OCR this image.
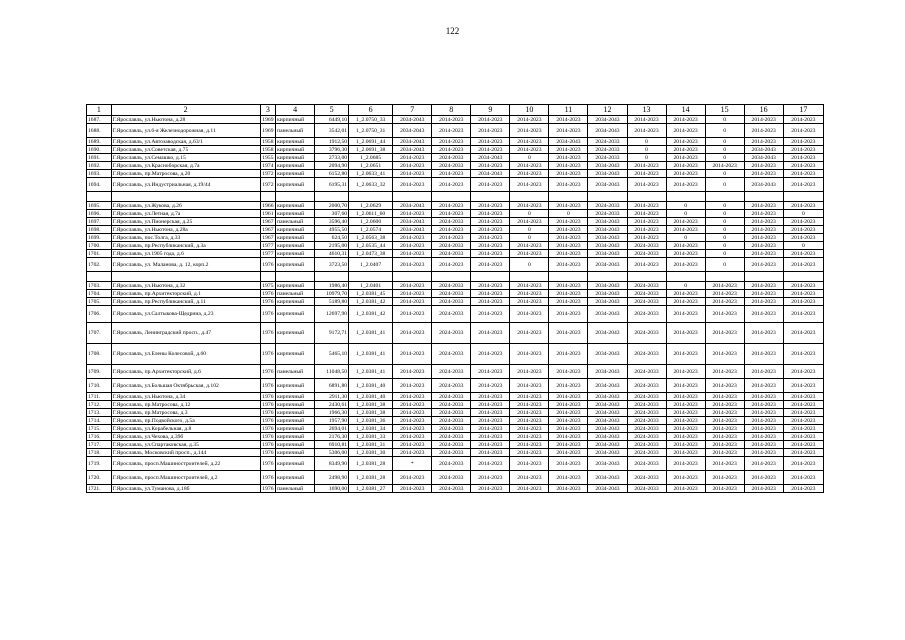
122
1	2	3	4	5	6	7	8	9	10	11	12	13	14	15	16	17
1687.	Г.Ярославль, ул.Ньютона, д.28	1969	кирпичный	6449,10	1_2.0750_33	2034-2043	2014-2023	2014-2023	2014-2023	2014-2023	2034-2043	2014-2023	2014-2023	0	2014-2023	2014-2023
1688.	Г.Ярославль, ул.6-я Железнодорожная, д.11	1969	панельный	3542,01	1_2.0750_31	2034-2043	2014-2023	2014-2023	2014-2023	2014-2023	2034-2043	2014-2023	2014-2023	0	2014-2023	2014-2023
1689.	Г.Ярославль, ул.Автозаводская, д.63/1	1958	кирпичный	1912,50	1_2.0691_44	2034-2043	2014-2023	2014-2023	2014-2023	2034-2043	2024-2033	0	2014-2023	0	2014-2023	2014-2023
1690.	Г.Ярославль, ул.Советская, д.75	1958	кирпичный	3796,30	1_2.0691_38	2034-2043	2014-2023	2014-2023	2014-2023	2014-2023	2024-2033	0	2014-2023	0	2034-2043	2014-2023
1691.	Г.Ярославль, ул.Семашко, д.15	1955	кирпичный	2733,00	1_2.0685	2014-2023	2024-2033	2034-2043	0	2014-2023	2024-2033	0	2014-2023	0	2034-2043	2014-2023
1692.	Г.Ярославль, ул.Красноборская, д.7а	1974	кирпичный	2094,90	1_2.0651	2014-2023	2024-2033	2014-2023	2014-2023	2014-2023	2034-2043	2014-2023	2014-2023	2014-2023	2014-2023	2014-2023
1693.	Г.Ярославль, пр.Матросова, д.20	1972	кирпичный	6152,80	1_2.0633_41	2014-2023	2014-2023	2034-2043	2014-2023	2014-2023	2034-2043	2014-2023	2014-2023	0	2014-2023	2014-2023
1694.	Г.Ярославль, ул.Индустриальная, д.19/44	1972	кирпичный	6195,31	1_2.0633_32	2014-2023	2014-2023	2014-2023	2014-2023	2014-2023	2034-2043	2014-2023	2014-2023	0	2034-2043	2014-2023

1695.	Г.Ярославль, ул.Жукова, д.26	1966	кирпичный	2000,70	1_2.0629	2034-2043	2014-2023	2014-2023	2014-2023	2014-2023	2024-2033	2014-2023	0	0	2014-2023	2014-2023
1696.	Г.Ярославль, ул.Летная, д.7а	1961	кирпичный	307,60	1_2.0611_60	2014-2023	2014-2023	2014-2023	0	0	2024-2033	2014-2023	0	0	2014-2023	0
1697.	Г.Ярославль, ул.Пионерская, д.25	1967	панельный	3596,40	1_2.0600	2034-2043	2024-2033	2014-2023	2014-2023	2014-2023	2034-2043	2014-2023	2014-2023	0	2014-2023	2014-2023
1698.	Г.Ярославль, ул.Ньютона, д.28а	1967	кирпичный	4955,50	1_2.0574	2034-2043	2014-2023	2014-2023	0	2014-2023	2034-2043	2014-2023	2014-2023	0	2014-2023	2014-2023
1699.	Г.Ярославль, пос.Толга, д.33	1967	кирпичный	624,50	1_2.0563_38	2014-2023	2014-2023	2014-2023	0	2014-2023	2034-2043	2014-2023	0	0	2014-2023	2014-2023
1700.	Г.Ярославль, пр.Республиканский, д.3а	1977	кирпичный	2195,00	1_2.0535_44	2014-2023	2024-2033	2014-2023	2014-2023	2014-2023	2034-2043	2024-2033	2014-2023	0	2014-2023	0
1701.	Г.Ярославль, ул.1905 года, д.6	1977	кирпичный	4610,31	1_2.0473_38	2014-2023	2024-2033	2014-2023	2014-2023	2014-2023	2034-2043	2024-2033	2014-2023	0	2014-2023	2014-2023
1702.	Г.Ярославль, ул. Маланова, д. 12, корп.2	1976	кирпичный	3723,50	1_2.0407	2014-2023	2014-2023	2014-2023	0	2014-2023	2034-2043	2014-2023	2014-2023	0	2014-2023	2014-2023

1703.	Г.Ярославль, ул.Ньютона, д.32	1975	кирпичный	1986,40	1_2.0401	2014-2023	2024-2033	2014-2023	2014-2023	2014-2023	2034-2043	2024-2033	0	2014-2023	2014-2023	2014-2023
1704.	Г.Ярославль, пр.Архитекторский, д.1	1976	панельный	10979,70	1_2.0381_45	2014-2023	2024-2033	2014-2023	2014-2023	2014-2023	2034-2043	2024-2033	2014-2023	2014-2023	2014-2023	2014-2023
1705.	Г.Ярославль, пр.Республиканский, д.11	1976	кирпичный	5189,80	1_2.0381_42	2014-2023	2024-2033	2014-2023	2014-2023	2014-2023	2034-2043	2024-2033	2014-2023	2014-2023	2014-2023	2014-2023
1706.	Г.Ярославль, ул.Салтыкова-Щедрина, д.23	1976	кирпичный	12697,90	1_2.0381_42	2014-2023	2024-2033	2014-2023	2014-2023	2014-2023	2034-2043	2024-2033	2014-2023	2014-2023	2014-2023	2014-2023
1707.	Г.Ярославль, Ленинградский просп., д.47	1976	кирпичный	9172,71	1_2.0381_41	2014-2023	2024-2033	2014-2023	2014-2023	2014-2023	2034-2043	2024-2033	2014-2023	2014-2023	2014-2023	2014-2023
1708.	Г.Ярославль, ул.Елены Колесовой, д.60	1976	кирпичный	5465,10	1_2.0381_41	2014-2023	2024-2033	2014-2023	2014-2023	2014-2023	2034-2043	2024-2033	2014-2023	2014-2023	2014-2023	2014-2023
1709.	Г.Ярославль, пр.Архитекторский, д.6	1976	панельный	11048,50	1_2.0381_41	2014-2023	2024-2033	2014-2023	2014-2023	2014-2023	2034-2043	2024-2033	2014-2023	2014-2023	2014-2023	2014-2023
1710.	Г.Ярославль, ул.Большая Октябрьская, д.102	1976	кирпичный	6891,80	1_2.0381_40	2014-2023	2024-2033	2014-2023	2014-2023	2014-2023	2034-2043	2024-2033	2014-2023	2014-2023	2014-2023	2014-2023
1711.	Г.Ярославль, ул.Ньютона, д.34	1976	кирпичный	2911,30	1_2.0381_40	2014-2023	2024-2033	2014-2023	2014-2023	2014-2023	2034-2043	2024-2033	2014-2023	2014-2023	2014-2023	2014-2023
1712.	Г.Ярославль, пр.Матросова, д.12	1976	кирпичный	2430,61	1_2.0381_38	2014-2023	2024-2033	2014-2023	2014-2023	2014-2023	2034-2043	2024-2033	2014-2023	2014-2023	2014-2023	2014-2023
1713.	Г.Ярославль, пр.Матросова, д.3	1976	кирпичный	1966,30	1_2.0381_38	2014-2023	2024-2033	2014-2023	2014-2023	2014-2023	2034-2043	2024-2033	2014-2023	2014-2023	2014-2023	2014-2023
1714.	Г.Ярославль, пр.Подвойского, д.5а	1976	кирпичный	1957,90	1_2.0381_36	2014-2023	2024-2033	2014-2023	2014-2023	2014-2023	2034-2043	2024-2033	2014-2023	2014-2023	2014-2023	2014-2023
1715.	Г.Ярославль, ул.Корабельная, д.8	1976	кирпичный	2694,01	1_2.0381_34	2014-2023	2024-2033	2014-2023	2014-2023	2014-2023	2034-2043	2024-2033	2014-2023	2014-2023	2014-2023	2014-2023
1716.	Г.Ярославль, ул.Чехова, д.39б	1976	кирпичный	2176,30	1_2.0381_33	2014-2023	2024-2033	2014-2023	2014-2023	2014-2023	2034-2043	2024-2033	2014-2023	2014-2023	2014-2023	2014-2023
1717.	Г.Ярославль, ул.Спартаковская, д.35	1976	кирпичный	6910,81	1_2.0381_31	2014-2023	2024-2033	2014-2023	2014-2023	2014-2023	2034-2043	2024-2033	2014-2023	2014-2023	2014-2023	2014-2023
1718.	Г.Ярославль, Московский просп., д.144	1976	кирпичный	5306,00	1_2.0381_30	2014-2023	2024-2033	2014-2023	2014-2023	2014-2023	2034-2043	2024-2033	2014-2023	2014-2023	2014-2023	2014-2023
1719.	Г.Ярославль, просп.Машиностроителей, д.22	1976	кирпичный	8349,90	1_2.0381_28	*	2024-2033	2014-2023	2014-2023	2014-2023	2034-2043	2024-2033	2014-2023	2014-2023	2014-2023	2014-2023
1720.	Г.Ярославль, просп.Машиностроителей, д.2	1976	кирпичный	2498,90	1_2.0381_28	2014-2023	2024-2033	2014-2023	2014-2023	2014-2023	2034-2043	2024-2033	2014-2023	2014-2023	2014-2023	2014-2023
1721.	Г.Ярославль, ул.Туманова, д.18б	1976	панельный	1690,00	1_2.0381_27	2014-2023	2024-2033	2014-2023	2014-2023	2014-2023	2034-2043	2024-2033	2014-2023	2014-2023	2014-2023	2014-2023
